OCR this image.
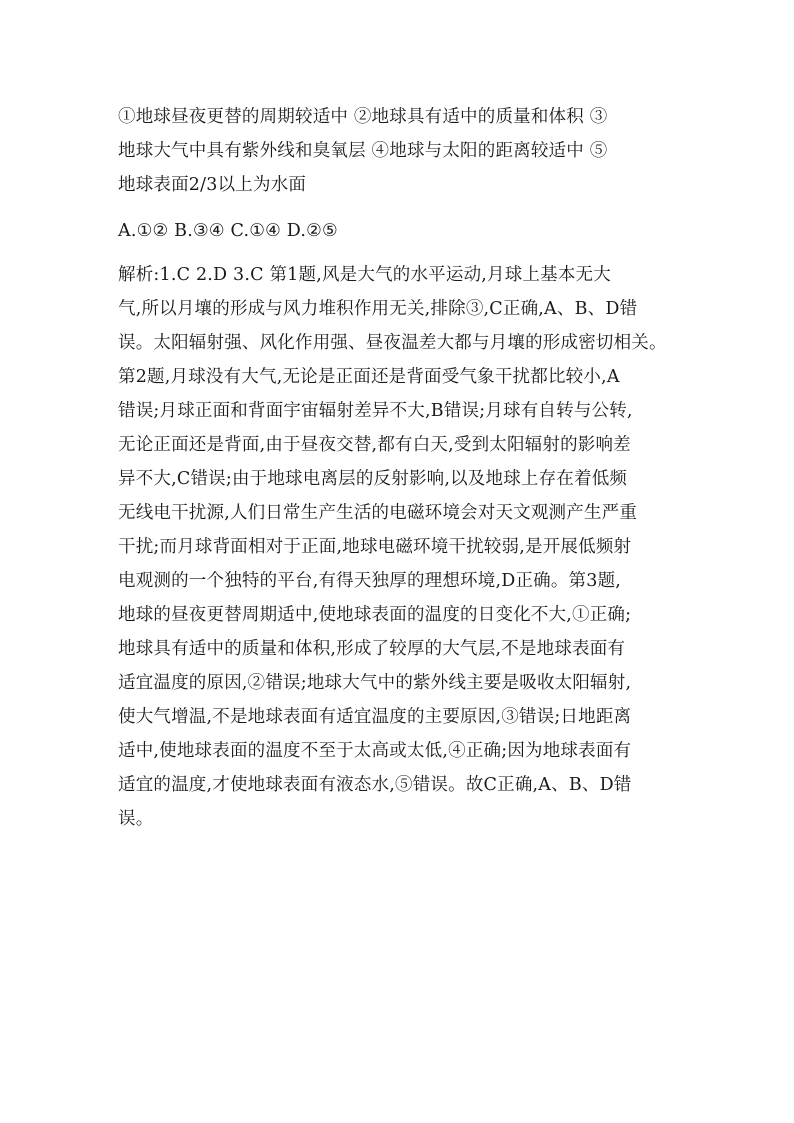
①地球昼夜更替的周期较适中 ②地球具有适中的质量和体积 ③
地球大气中具有紫外线和臭氧层 ④地球与太阳的距离较适中 ⑤
地球表面2/3以上为水面
A.①② B.③④ C.①④ D.②⑤
解析:1.C 2.D 3.C 第1题,风是大气的水平运动,月球上基本无大
气,所以月壤的形成与风力堆积作用无关,排除③,C正确,A、B、D错
误。太阳辐射强、风化作用强、昼夜温差大都与月壤的形成密切相关。
第2题,月球没有大气,无论是正面还是背面受气象干扰都比较小,A
错误;月球正面和背面宇宙辐射差异不大,B错误;月球有自转与公转,
无论正面还是背面,由于昼夜交替,都有白天,受到太阳辐射的影响差
异不大,C错误;由于地球电离层的反射影响,以及地球上存在着低频
无线电干扰源,人们日常生产生活的电磁环境会对天文观测产生严重
干扰;而月球背面相对于正面,地球电磁环境干扰较弱,是开展低频射
电观测的一个独特的平台,有得天独厚的理想环境,D正确。第3题,
地球的昼夜更替周期适中,使地球表面的温度的日变化不大,①正确;
地球具有适中的质量和体积,形成了较厚的大气层,不是地球表面有
适宜温度的原因,②错误;地球大气中的紫外线主要是吸收太阳辐射,
使大气增温,不是地球表面有适宜温度的主要原因,③错误;日地距离
适中,使地球表面的温度不至于太高或太低,④正确;因为地球表面有
适宜的温度,才使地球表面有液态水,⑤错误。故C正确,A、B、D错
误。
